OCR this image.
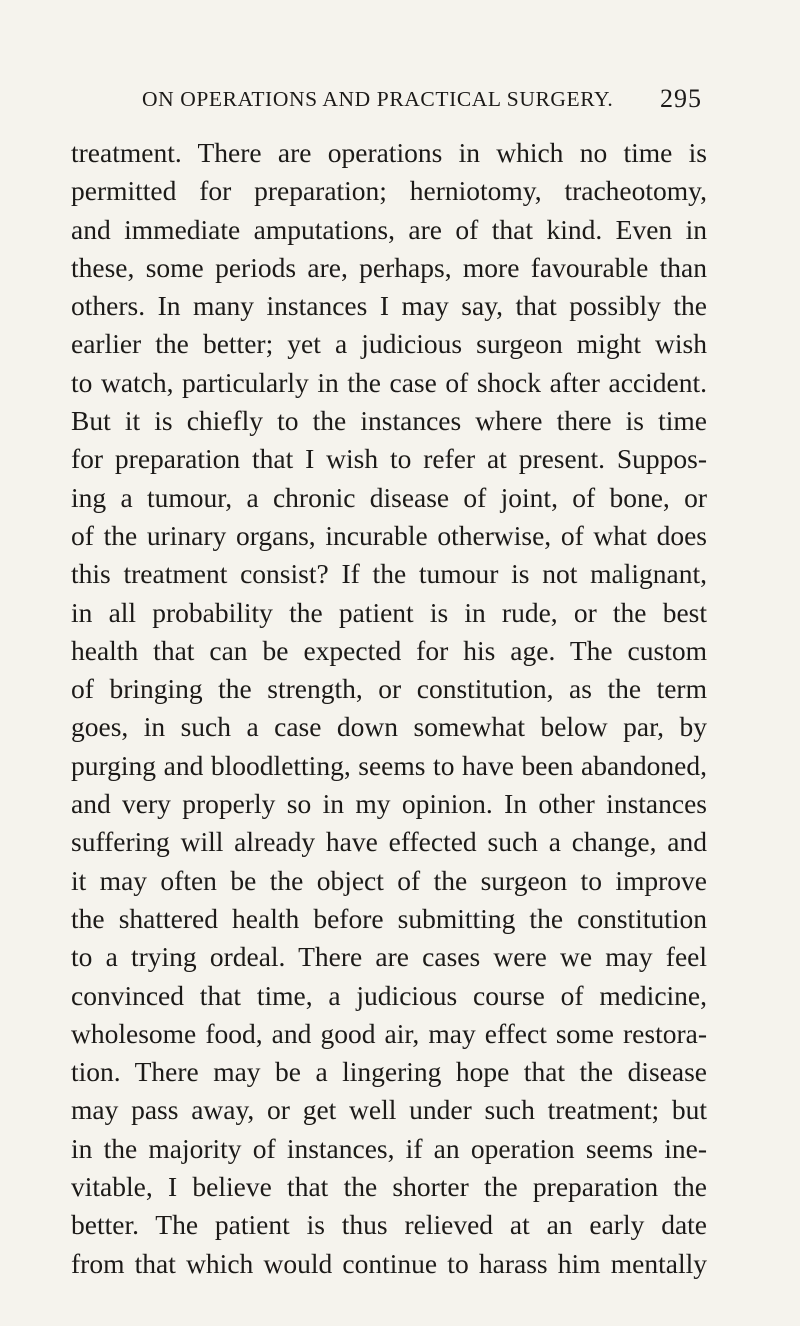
ON OPERATIONS AND PRACTICAL SURGERY. 295
treatment. There are operations in which no time is
permitted for preparation; herniotomy, tracheotomy,
and immediate amputations, are of that kind. Even in
these, some periods are, perhaps, more favourable than
others. In many instances I may say, that possibly the
earlier the better; yet a judicious surgeon might wish
to watch, particularly in the case of shock after accident.
But it is chiefly to the instances where there is time
for preparation that I wish to refer at present. Suppos-
ing a tumour, a chronic disease of joint, of bone, or
of the urinary organs, incurable otherwise, of what does
this treatment consist? If the tumour is not malignant,
in all probability the patient is in rude, or the best
health that can be expected for his age. The custom
of bringing the strength, or constitution, as the term
goes, in such a case down somewhat below par, by
purging and bloodletting, seems to have been abandoned,
and very properly so in my opinion. In other instances
suffering will already have effected such a change, and
it may often be the object of the surgeon to improve
the shattered health before submitting the constitution
to a trying ordeal. There are cases were we may feel
convinced that time, a judicious course of medicine,
wholesome food, and good air, may effect some restora-
tion. There may be a lingering hope that the disease
may pass away, or get well under such treatment; but
in the majority of instances, if an operation seems ine-
vitable, I believe that the shorter the preparation the
better. The patient is thus relieved at an early date
from that which would continue to harass him mentally
